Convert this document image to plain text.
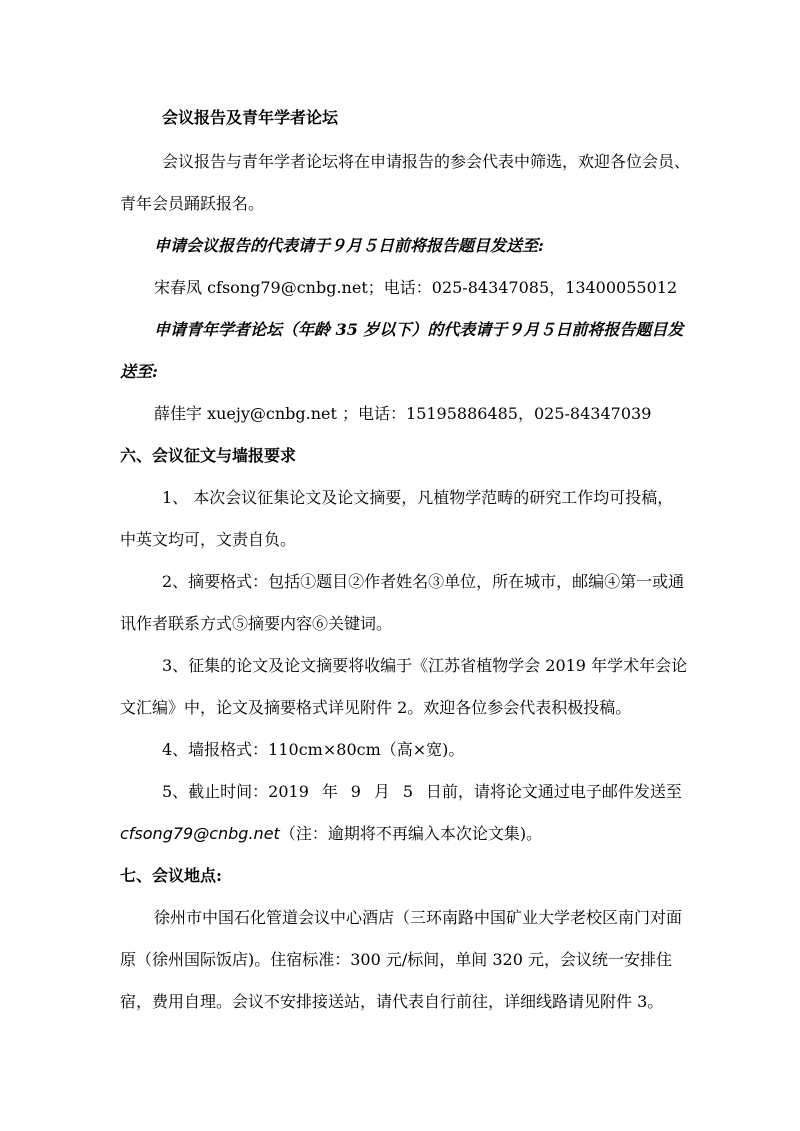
会议报告及青年学者论坛
会议报告与青年学者论坛将在申请报告的参会代表中筛选，欢迎各位会员、
青年会员踊跃报名。
申请会议报告的代表请于９月５日前将报告题目发送至:
宋春凤 cfsong79@cnbg.net；电话：025-84347085，13400055012
申请青年学者论坛（年龄 35 岁以下）的代表请于９月５日前将报告题目发
送至:
薛佳宇 xuejy@cnbg.net ；电话：15195886485，025-84347039
六、会议征文与墙报要求
1、 本次会议征集论文及论文摘要，凡植物学范畴的研究工作均可投稿，
中英文均可，文责自负。
2、摘要格式：包括①题目②作者姓名③单位，所在城市，邮编④第一或通
讯作者联系方式⑤摘要内容⑥关键词。
3、征集的论文及论文摘要将收编于《江苏省植物学会 2019 年学术年会论
文汇编》中，论文及摘要格式详见附件 2。欢迎各位参会代表积极投稿。
4、墙报格式：110cm×80cm（高×宽)。
5、截止时间：2019 年 9 月 5 日前，请将论文通过电子邮件发送至
cfsong79@cnbg.net（注：逾期将不再编入本次论文集)。
七、会议地点:
徐州市中国石化管道会议中心酒店（三环南路中国矿业大学老校区南门对面
原（徐州国际饭店)。住宿标准：300 元/标间，单间 320 元，会议统一安排住
宿，费用自理。会议不安排接送站，请代表自行前往，详细线路请见附件 3。
